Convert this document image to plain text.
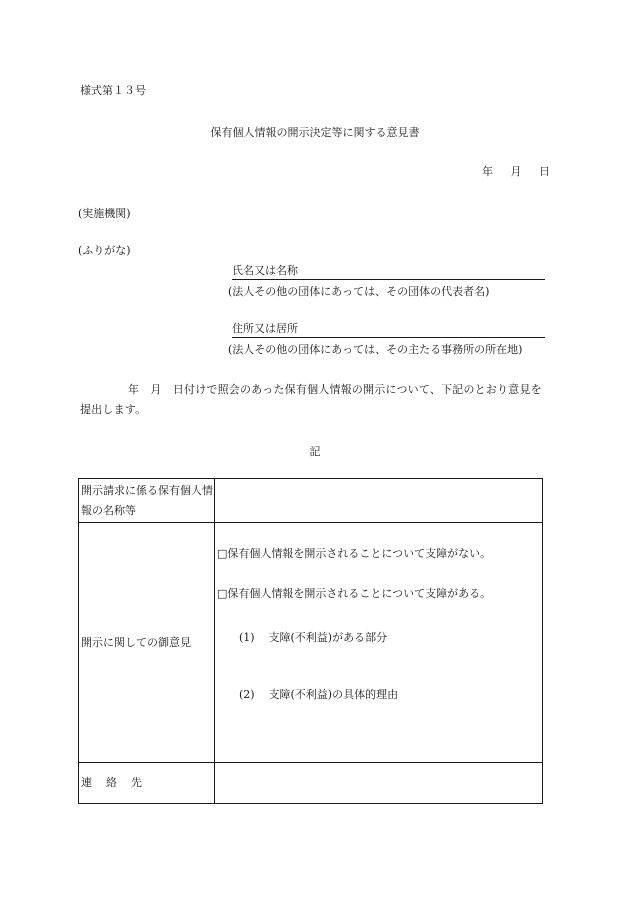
様式第１３号
保有個人情報の開示決定等に関する意見書
年 月 日
(実施機関)
(ふりがな)
氏名又は名称
(法人その他の団体にあっては、その団体の代表者名)
住所又は居所
(法人その他の団体にあっては、その主たる事務所の所在地)
年　月　日付けで照会のあった保有個人情報の開示について、下記のとおり意見を提出します。
記
開示請求に係る保有個人情報の名称等	
開示に関しての御意見	□保有個人情報を開示されることについて支障がない。
□保有個人情報を開示されることについて支障がある。
(1) 支障(不利益)がある部分
(2) 支障(不利益)の具体的理由

連絡先	
